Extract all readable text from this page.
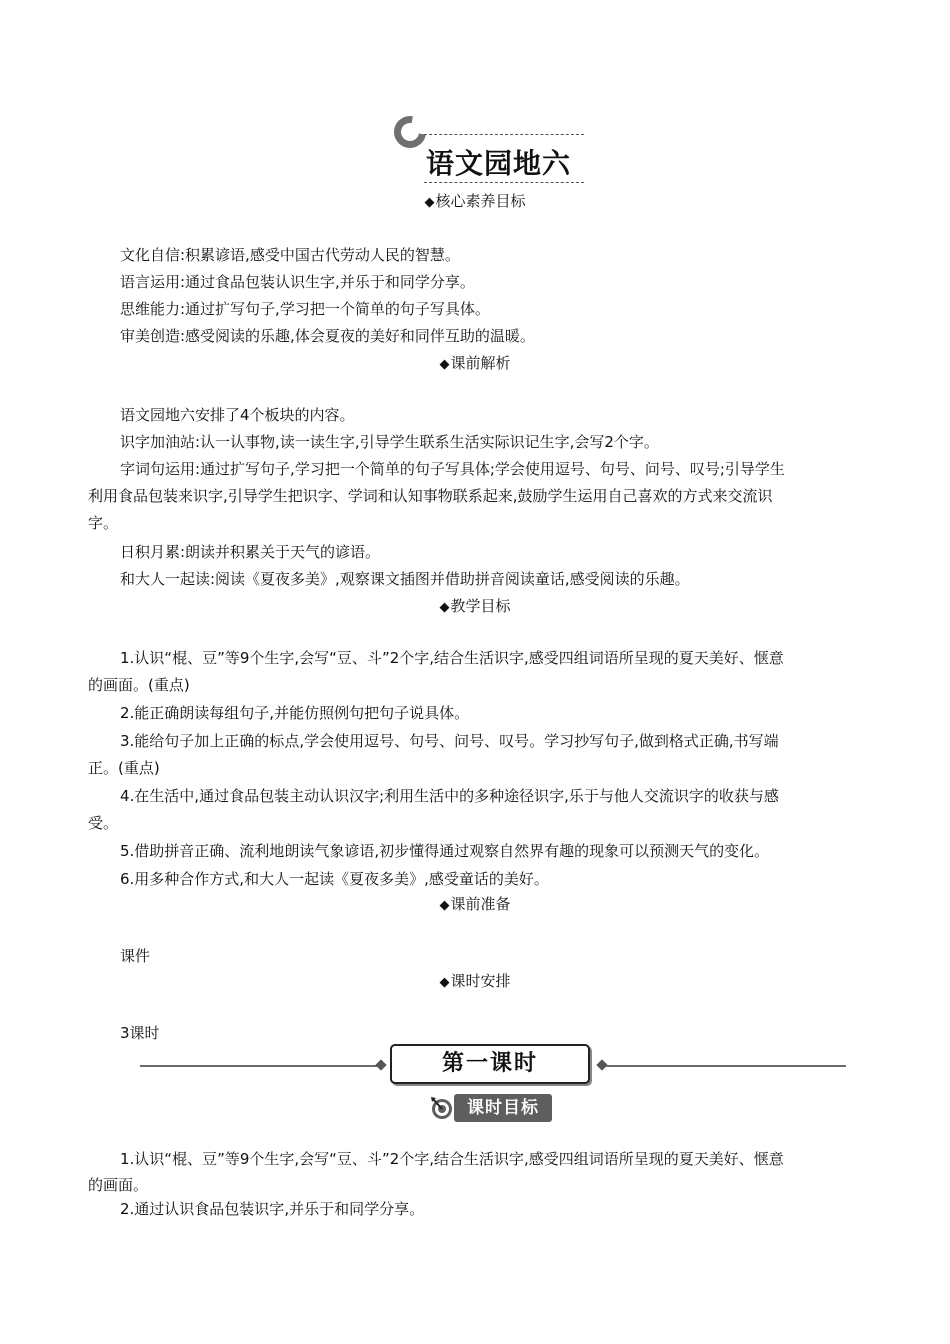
语文园地六
◆核心素养目标
文化自信:积累谚语,感受中国古代劳动人民的智慧。
语言运用:通过食品包装认识生字,并乐于和同学分享。
思维能力:通过扩写句子,学习把一个简单的句子写具体。
审美创造:感受阅读的乐趣,体会夏夜的美好和同伴互助的温暖。
◆课前解析
语文园地六安排了4个板块的内容。
识字加油站:认一认事物,读一读生字,引导学生联系生活实际识记生字,会写2个字。
字词句运用:通过扩写句子,学习把一个简单的句子写具体;学会使用逗号、句号、问号、叹号;引导学生
利用食品包装来识字,引导学生把识字、学词和认知事物联系起来,鼓励学生运用自己喜欢的方式来交流识
字。
日积月累:朗读并积累关于天气的谚语。
和大人一起读:阅读《夏夜多美》,观察课文插图并借助拼音阅读童话,感受阅读的乐趣。
◆教学目标
1.认识“棍、豆”等9个生字,会写“豆、斗”2个字,结合生活识字,感受四组词语所呈现的夏天美好、惬意
的画面。(重点)
2.能正确朗读每组句子,并能仿照例句把句子说具体。
3.能给句子加上正确的标点,学会使用逗号、句号、问号、叹号。学习抄写句子,做到格式正确,书写端
正。(重点)
4.在生活中,通过食品包装主动认识汉字;利用生活中的多种途径识字,乐于与他人交流识字的收获与感
受。
5.借助拼音正确、流利地朗读气象谚语,初步懂得通过观察自然界有趣的现象可以预测天气的变化。
6.用多种合作方式,和大人一起读《夏夜多美》,感受童话的美好。
◆课前准备
课件
◆课时安排
3课时
第一课时
课时目标
1.认识“棍、豆”等9个生字,会写“豆、斗”2个字,结合生活识字,感受四组词语所呈现的夏天美好、惬意
的画面。
2.通过认识食品包装识字,并乐于和同学分享。
